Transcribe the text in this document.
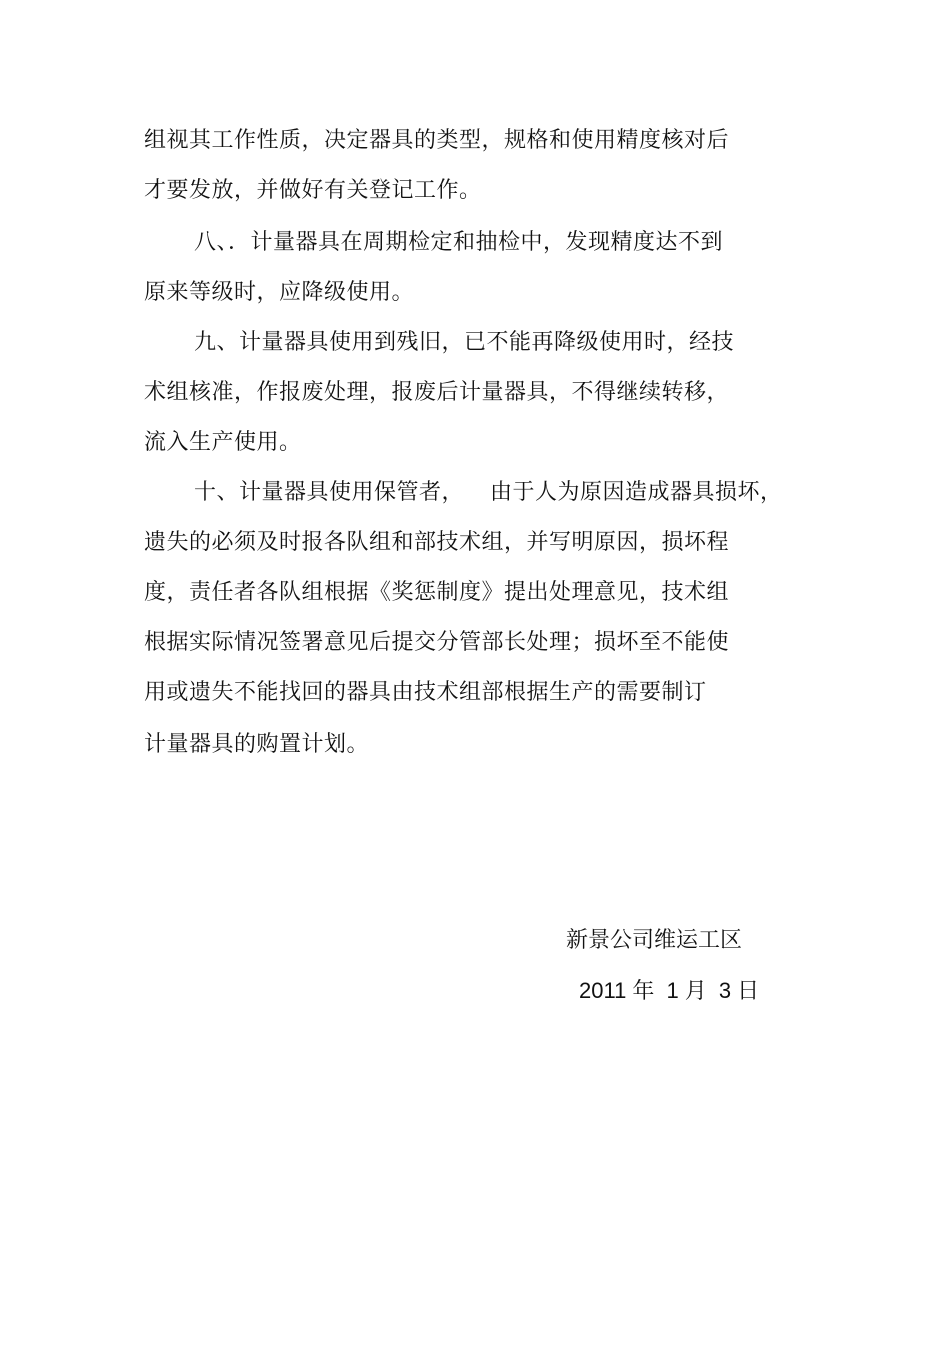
组视其工作性质，决定器具的类型，规格和使用精度核对后
才要发放，并做好有关登记工作。
八、．计量器具在周期检定和抽检中，发现精度达不到
原来等级时，应降级使用。
九、计量器具使用到残旧，已不能再降级使用时，经技
术组核准，作报废处理，报废后计量器具，不得继续转移，
流入生产使用。
十、计量器具使用保管者， 由于人为原因造成器具损坏，
遗失的必须及时报各队组和部技术组，并写明原因，损坏程
度，责任者各队组根据《奖惩制度》提出处理意见，技术组
根据实际情况签署意见后提交分管部长处理；损坏至不能使
用或遗失不能找回的器具由技术组部根据生产的需要制订
计量器具的购置计划。
新景公司维运工区
2011 年 1 月 3 日
